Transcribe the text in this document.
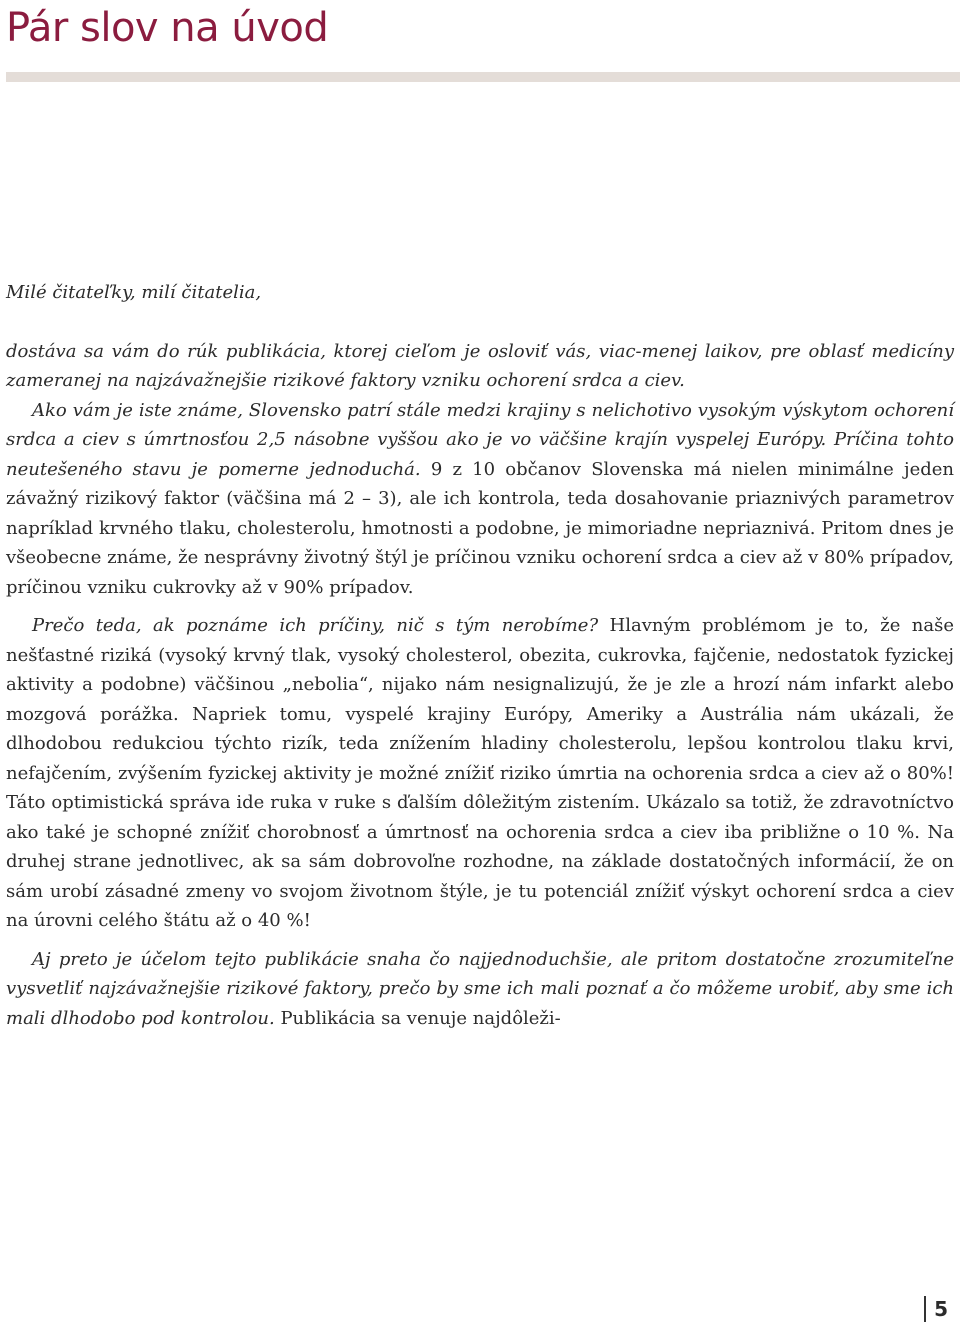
Pár slov na úvod

Milé čitateľky, milí čitatelia,

dostáva sa vám do rúk publikácia, ktorej cieľom je osloviť vás, viac-menej laikov, pre oblasť medicíny zameranej na najzávažnejšie rizikové faktory vzniku ochorení srdca a ciev.

Ako vám je iste známe, Slovensko patrí stále medzi krajiny s nelichotivo vysokým výskytom ochorení srdca a ciev s úmrtnosťou 2,5 násobne vyššou ako je vo väčšine krajín vyspelej Európy. Príčina tohto neutešeného stavu je pomerne jednoduchá. 9 z 10 občanov Slovenska má nielen minimálne jeden závažný rizikový faktor (väčšina má 2 – 3), ale ich kontrola, teda dosahovanie priaznivých parametrov napríklad krvného tlaku, cholesterolu, hmotnosti a podobne, je mimoriadne nepriaznivá. Pritom dnes je všeobecne známe, že nesprávny životný štýl je príčinou vzniku ochorení srdca a ciev až v 80% prípadov, príčinou vzniku cukrovky až v 90% prípadov.

Prečo teda, ak poznáme ich príčiny, nič s tým nerobíme? Hlavným problémom je to, že naše nešťastné riziká (vysoký krvný tlak, vysoký cholesterol, obezita, cukrovka, fajčenie, nedostatok fyzickej aktivity a podobne) väčšinou „nebolia“, nijako nám nesignalizujú, že je zle a hrozí nám infarkt alebo mozgová porážka. Napriek tomu, vyspelé krajiny Európy, Ameriky a Austrália nám ukázali, že dlhodobou redukciou týchto rizík, teda znížením hladiny cholesterolu, lepšou kontrolou tlaku krvi, nefajčením, zvýšením fyzickej aktivity je možné znížiť riziko úmrtia na ochorenia srdca a ciev až o 80%! Táto optimistická správa ide ruka v ruke s ďalším dôležitým zistením. Ukázalo sa totiž, že zdravotníctvo ako také je schopné znížiť chorobnosť a úmrtnosť na ochorenia srdca a ciev iba približne o 10 %. Na druhej strane jednotlivec, ak sa sám dobrovoľne rozhodne, na základe dostatočných informácií, že on sám urobí zásadné zmeny vo svojom životnom štýle, je tu potenciál znížiť výskyt ochorení srdca a ciev na úrovni celého štátu až o 40 %!

Aj preto je účelom tejto publikácie snaha čo najjednoduchšie, ale pritom dostatočne zrozumiteľne vysvetliť najzávažnejšie rizikové faktory, prečo by sme ich mali poznať a čo môžeme urobiť, aby sme ich mali dlhodobo pod kontrolou. Publikácia sa venuje najdôleži-

5
